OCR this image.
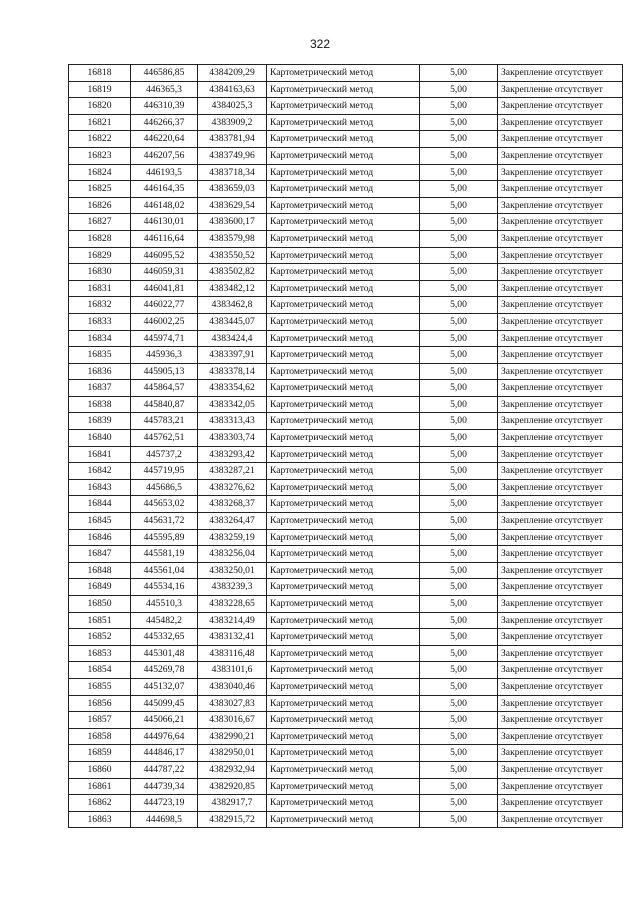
322
16818	446586,85	4384209,29	Картометрический метод	5,00	Закрепление отсутствует
16819	446365,3	4384163,63	Картометрический метод	5,00	Закрепление отсутствует
16820	446310,39	4384025,3	Картометрический метод	5,00	Закрепление отсутствует
16821	446266,37	4383909,2	Картометрический метод	5,00	Закрепление отсутствует
16822	446220,64	4383781,94	Картометрический метод	5,00	Закрепление отсутствует
16823	446207,56	4383749,96	Картометрический метод	5,00	Закрепление отсутствует
16824	446193,5	4383718,34	Картометрический метод	5,00	Закрепление отсутствует
16825	446164,35	4383659,03	Картометрический метод	5,00	Закрепление отсутствует
16826	446148,02	4383629,54	Картометрический метод	5,00	Закрепление отсутствует
16827	446130,01	4383600,17	Картометрический метод	5,00	Закрепление отсутствует
16828	446116,64	4383579,98	Картометрический метод	5,00	Закрепление отсутствует
16829	446095,52	4383550,52	Картометрический метод	5,00	Закрепление отсутствует
16830	446059,31	4383502,82	Картометрический метод	5,00	Закрепление отсутствует
16831	446041,81	4383482,12	Картометрический метод	5,00	Закрепление отсутствует
16832	446022,77	4383462,8	Картометрический метод	5,00	Закрепление отсутствует
16833	446002,25	4383445,07	Картометрический метод	5,00	Закрепление отсутствует
16834	445974,71	4383424,4	Картометрический метод	5,00	Закрепление отсутствует
16835	445936,3	4383397,91	Картометрический метод	5,00	Закрепление отсутствует
16836	445905,13	4383378,14	Картометрический метод	5,00	Закрепление отсутствует
16837	445864,57	4383354,62	Картометрический метод	5,00	Закрепление отсутствует
16838	445840,87	4383342,05	Картометрический метод	5,00	Закрепление отсутствует
16839	445783,21	4383313,43	Картометрический метод	5,00	Закрепление отсутствует
16840	445762,51	4383303,74	Картометрический метод	5,00	Закрепление отсутствует
16841	445737,2	4383293,42	Картометрический метод	5,00	Закрепление отсутствует
16842	445719,95	4383287,21	Картометрический метод	5,00	Закрепление отсутствует
16843	445686,5	4383276,62	Картометрический метод	5,00	Закрепление отсутствует
16844	445653,02	4383268,37	Картометрический метод	5,00	Закрепление отсутствует
16845	445631,72	4383264,47	Картометрический метод	5,00	Закрепление отсутствует
16846	445595,89	4383259,19	Картометрический метод	5,00	Закрепление отсутствует
16847	445581,19	4383256,04	Картометрический метод	5,00	Закрепление отсутствует
16848	445561,04	4383250,01	Картометрический метод	5,00	Закрепление отсутствует
16849	445534,16	4383239,3	Картометрический метод	5,00	Закрепление отсутствует
16850	445510,3	4383228,65	Картометрический метод	5,00	Закрепление отсутствует
16851	445482,2	4383214,49	Картометрический метод	5,00	Закрепление отсутствует
16852	445332,65	4383132,41	Картометрический метод	5,00	Закрепление отсутствует
16853	445301,48	4383116,48	Картометрический метод	5,00	Закрепление отсутствует
16854	445269,78	4383101,6	Картометрический метод	5,00	Закрепление отсутствует
16855	445132,07	4383040,46	Картометрический метод	5,00	Закрепление отсутствует
16856	445099,45	4383027,83	Картометрический метод	5,00	Закрепление отсутствует
16857	445066,21	4383016,67	Картометрический метод	5,00	Закрепление отсутствует
16858	444976,64	4382990,21	Картометрический метод	5,00	Закрепление отсутствует
16859	444846,17	4382950,01	Картометрический метод	5,00	Закрепление отсутствует
16860	444787,22	4382932,94	Картометрический метод	5,00	Закрепление отсутствует
16861	444739,34	4382920,85	Картометрический метод	5,00	Закрепление отсутствует
16862	444723,19	4382917,7	Картометрический метод	5,00	Закрепление отсутствует
16863	444698,5	4382915,72	Картометрический метод	5,00	Закрепление отсутствует
